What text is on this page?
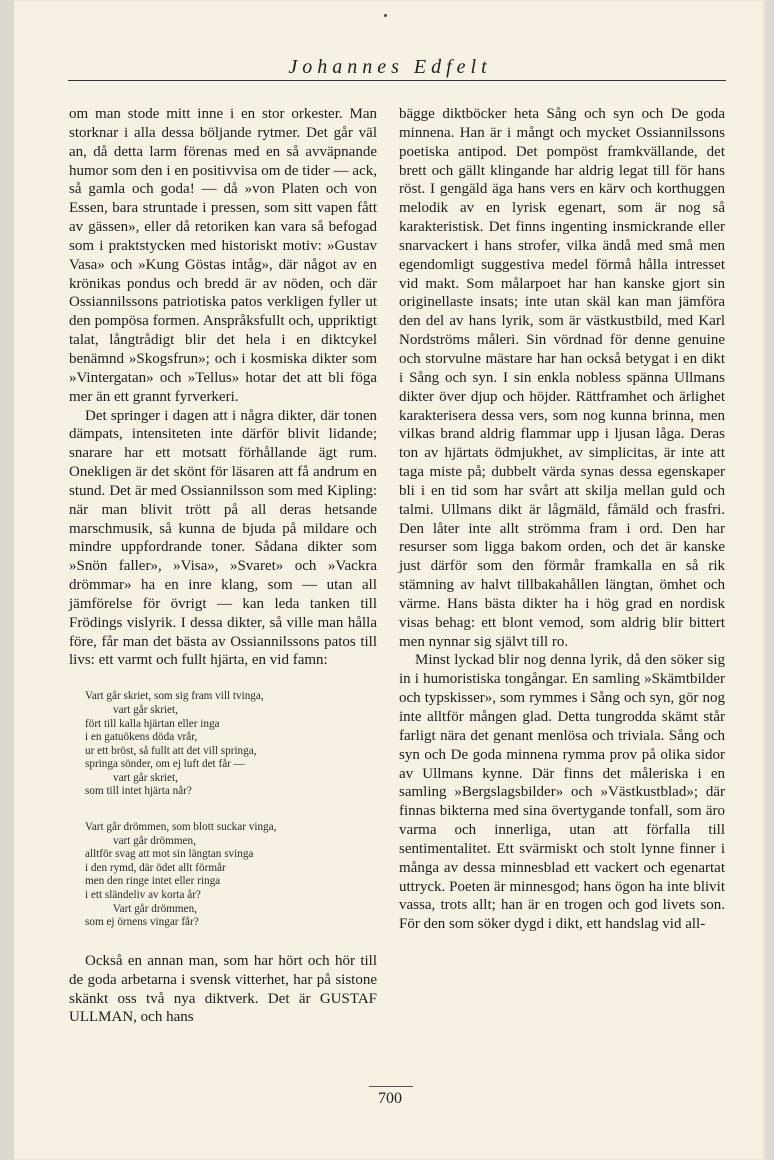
Johannes Edfelt

om man stode mitt inne i en stor orkester. Man storknar i alla dessa böljande rytmer. Det går väl an, då detta larm förenas med en så avväpnande humor som den i en positivvisa om de tider — ack, så gamla och goda! — då »von Platen och von Essen, bara struntade i pressen, som sitt vapen fått av gässen», eller då retoriken kan vara så befogad som i praktstycken med historiskt motiv: »Gustav Vasa» och »Kung Göstas intåg», där något av en krönikas pondus och bredd är av nöden, och där Ossiannilssons patriotiska patos verkligen fyller ut den pompösa formen. Anspråksfullt och, uppriktigt talat, långtrådigt blir det hela i en diktcykel benämnd »Skogsfrun»; och i kosmiska dikter som »Vintergatan» och »Tellus» hotar det att bli föga mer än ett grannt fyrverkeri.

Det springer i dagen att i några dikter, där tonen dämpats, intensiteten inte därför blivit lidande; snarare har ett motsatt förhållande ägt rum. Onekligen är det skönt för läsaren att få andrum en stund. Det är med Ossiannilsson som med Kipling: när man blivit trött på all deras hetsande marschmusik, så kunna de bjuda på mildare och mindre uppfordrande toner. Sådana dikter som »Snön faller», »Visa», »Svaret» och »Vackra drömmar» ha en inre klang, som — utan all jämförelse för övrigt — kan leda tanken till Frödings vislyrik. I dessa dikter, så ville man hålla före, får man det bästa av Ossiannilssons patos till livs: ett varmt och fullt hjärta, en vid famn:

Vart går skriet, som sig fram vill tvinga,
vart går skriet,
fört till kalla hjärtan eller inga
i en gatuökens döda vrår,
ur ett bröst, så fullt att det vill springa,
springa sönder, om ej luft det får —
vart går skriet,
som till intet hjärta når?
Vart går drömmen, som blott suckar vinga,
vart går drömmen,
alltför svag att mot sin längtan svinga
i den rymd, där ödet allt förmår
men den ringe intet eller ringa
i ett sländeliv av korta år?
Vart går drömmen,
som ej örnens vingar får?

Också en annan man, som har hört och hör till de goda arbetarna i svensk vitterhet, har på sistone skänkt oss två nya diktverk. Det är GUSTAF ULLMAN, och hans

bägge diktböcker heta Sång och syn och De goda minnena. Han är i mångt och mycket Ossiannilssons poetiska antipod. Det pompöst framkvällande, det brett och gällt klingande har aldrig legat till för hans röst. I gengäld äga hans vers en kärv och korthuggen melodik av en lyrisk egenart, som är nog så karakteristisk. Det finns ingenting insmickrande eller snarvackert i hans strofer, vilka ändå med små men egendomligt suggestiva medel förmå hålla intresset vid makt. Som målarpoet har han kanske gjort sin originellaste insats; inte utan skäl kan man jämföra den del av hans lyrik, som är västkustbild, med Karl Nordströms måleri. Sin vördnad för denne genuine och storvulne mästare har han också betygat i en dikt i Sång och syn. I sin enkla nobless spänna Ullmans dikter över djup och höjder. Rättframhet och ärlighet karakterisera dessa vers, som nog kunna brinna, men vilkas brand aldrig flammar upp i ljusan låga. Deras ton av hjärtats ödmjukhet, av simplicitas, är inte att taga miste på; dubbelt värda synas dessa egenskaper bli i en tid som har svårt att skilja mellan guld och talmi. Ullmans dikt är lågmäld, fåmäld och frasfri. Den låter inte allt strömma fram i ord. Den har resurser som ligga bakom orden, och det är kanske just därför som den förmår framkalla en så rik stämning av halvt tillbakahållen längtan, ömhet och värme. Hans bästa dikter ha i hög grad en nordisk visas behag: ett blont vemod, som aldrig blir bittert men nynnar sig självt till ro.

Minst lyckad blir nog denna lyrik, då den söker sig in i humoristiska tongångar. En samling »Skämtbilder och typskisser», som rymmes i Sång och syn, gör nog inte alltför mången glad. Detta tungrodda skämt står farligt nära det genant menlösa och triviala. Sång och syn och De goda minnena rymma prov på olika sidor av Ullmans kynne. Där finns det måleriska i en samling »Bergslagsbilder» och »Västkustblad»; där finnas bikterna med sina övertygande tonfall, som äro varma och innerliga, utan att förfalla till sentimentalitet. Ett svärmiskt och stolt lynne finner i många av dessa minnesblad ett vackert och egenartat uttryck. Poeten är minnesgod; hans ögon ha inte blivit vassa, trots allt; han är en trogen och god livets son. För den som söker dygd i dikt, ett handslag vid all-

700
